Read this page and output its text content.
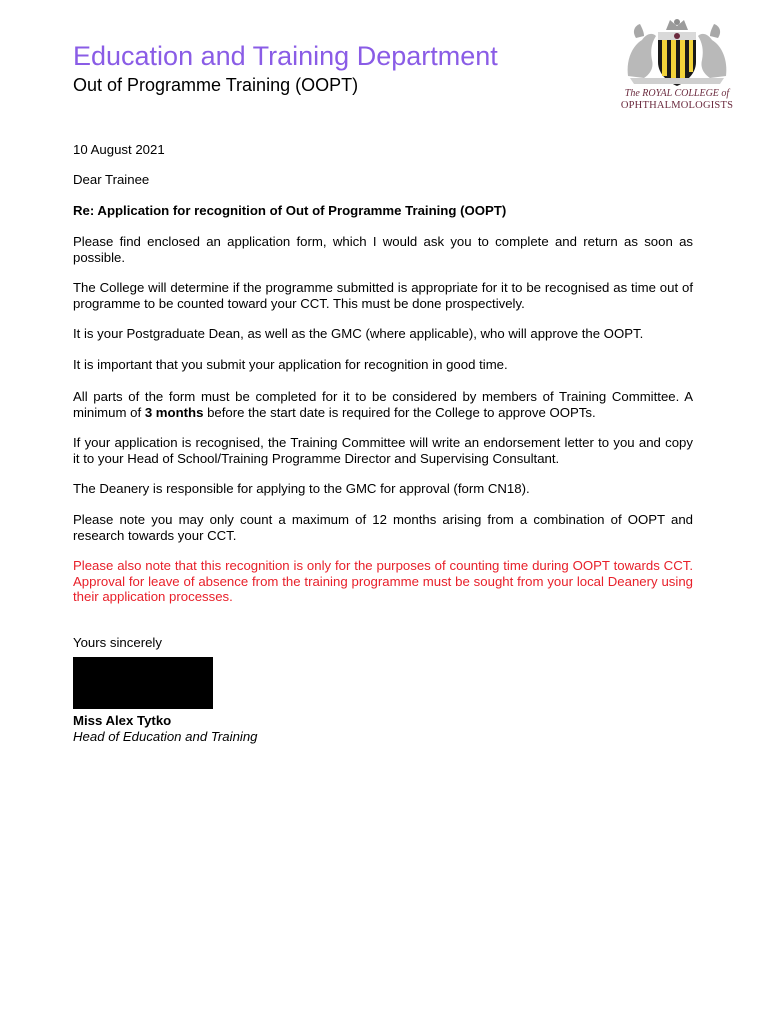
Education and Training Department
Out of Programme Training (OOPT)	The ROYAL COLLEGE of
OPHTHALMOLOGISTS

10 August 2021

Dear Trainee

Re: Application for recognition of Out of Programme Training (OOPT)

Please find enclosed an application form, which I would ask you to complete and return as soon as possible.

The College will determine if the programme submitted is appropriate for it to be recognised as time out of programme to be counted toward your CCT. This must be done prospectively.

It is your Postgraduate Dean, as well as the GMC (where applicable), who will approve the OOPT.

It is important that you submit your application for recognition in good time.

All parts of the form must be completed for it to be considered by members of Training Committee. A minimum of 3 months before the start date is required for the College to approve OOPTs.

If your application is recognised, the Training Committee will write an endorsement letter to you and copy it to your Head of School/Training Programme Director and Supervising Consultant.

The Deanery is responsible for applying to the GMC for approval (form CN18).

Please note you may only count a maximum of 12 months arising from a combination of OOPT and research towards your CCT.

Please also note that this recognition is only for the purposes of counting time during OOPT towards CCT. Approval for leave of absence from the training programme must be sought from your local Deanery using their application processes.

Yours sincerely

Miss Alex Tytko
Head of Education and Training
